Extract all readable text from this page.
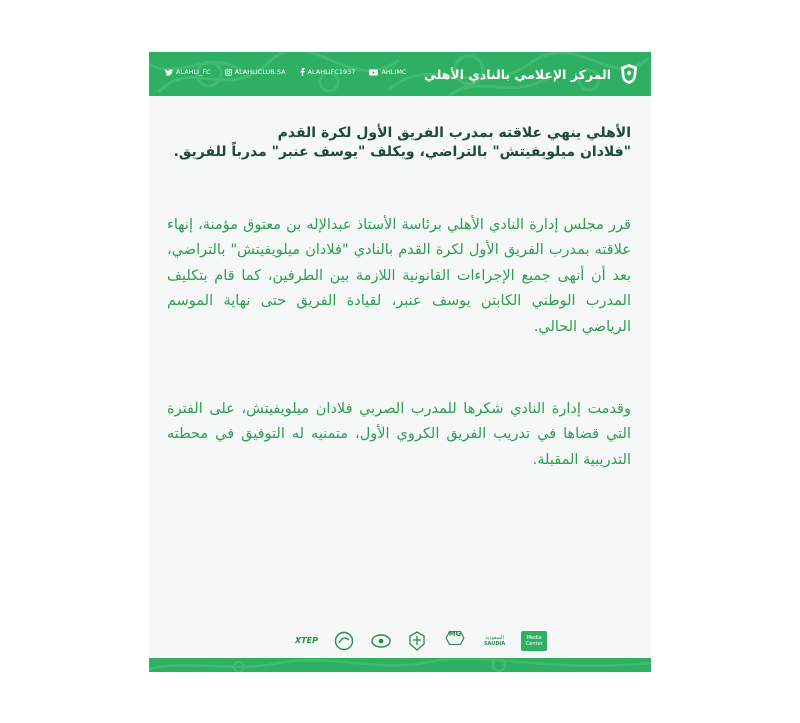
المركز الإعلامي بالنادي الأهلي
ALAHLI_FC	ALAHLICLUB.SA	ALAHLIFC1937	AHLIMC
الأهلي ينهي علاقته بمدرب الفريق الأول لكرة القدم
"فلادان ميلويفيتش" بالتراضي، ويكلف "يوسف عنبر" مدرباً للفريق.

قرر مجلس إدارة النادي الأهلي برئاسة الأستاذ عبدالإله بن معتوق مؤمنة، إنهاء علاقته بمدرب الفريق الأول لكرة القدم بالنادي "فلادان ميلويفيتش" بالتراضي، بعد أن أنهى جميع الإجراءات القانونية اللازمة بين الطرفين، كما قام بتكليف المدرب الوطني الكابتن يوسف عنبر، لقيادة الفريق حتى نهاية الموسم الرياضي الحالي.

وقدمت إدارة النادي شكرها للمدرب الصربي فلادان ميلويفيتش، على الفترة التي قضاها في تدريب الفريق الكروي الأول، متمنيه له التوفيق في محطته التدريبية المقبلة.

XTEP
MG	السعودية
SAUDIA
Media
Center
